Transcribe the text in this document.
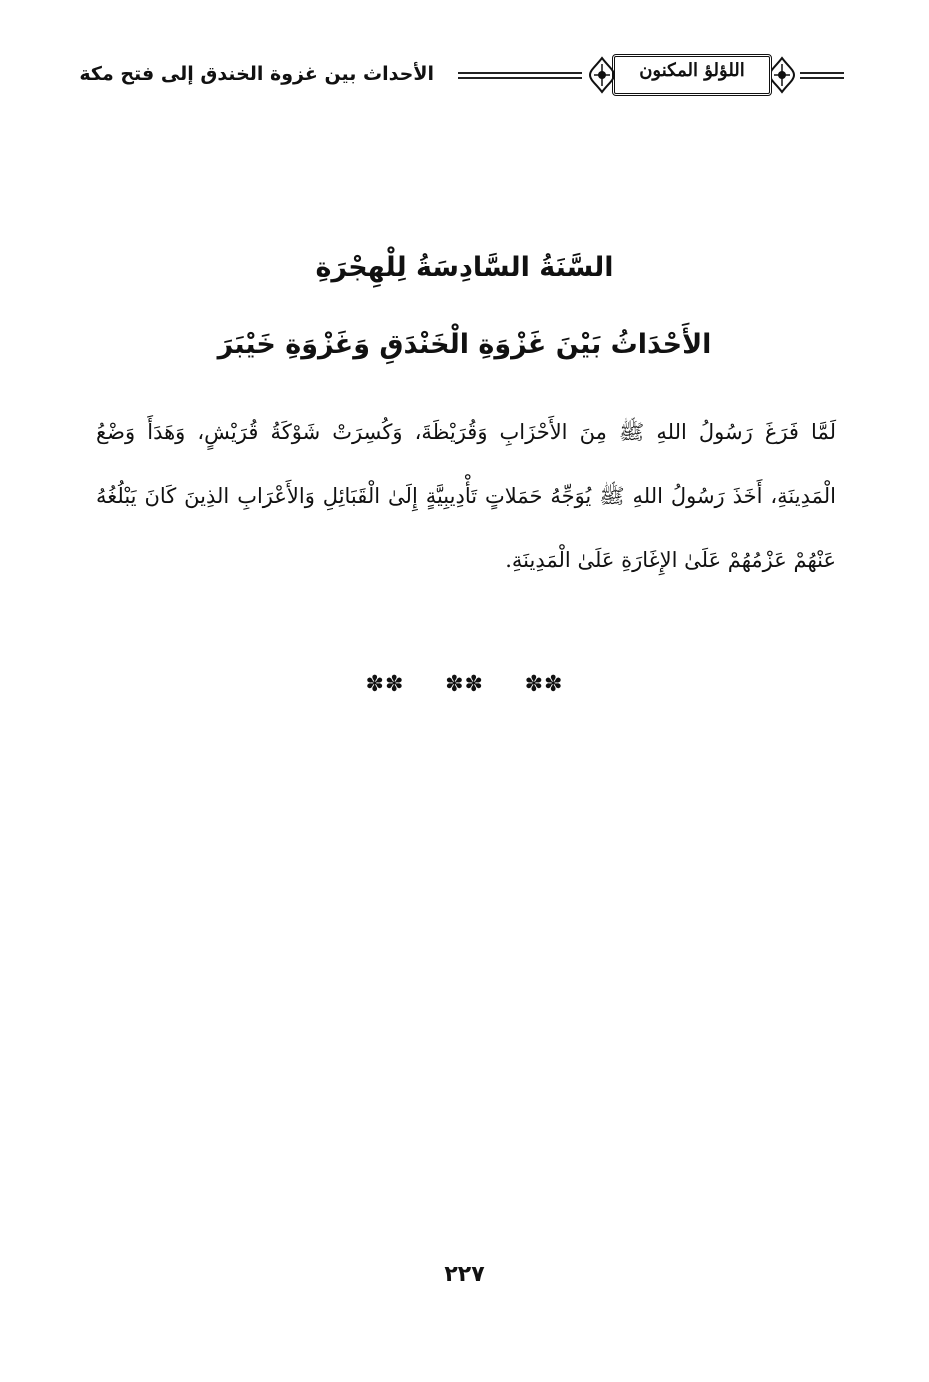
اللؤلؤ المكنون
الأحداث بين غزوة الخندق إلى فتح مكة
السَّنَةُ السَّادِسَةُ لِلْهِجْرَةِ
الأَحْدَاثُ بَيْنَ غَزْوَةِ الْخَنْدَقِ وَغَزْوَةِ خَيْبَرَ
لَمَّا فَرَغَ رَسُولُ اللهِ ﷺ مِنَ الأَحْزَابِ وَقُرَيْظَةَ، وَكُسِرَتْ شَوْكَةُ قُرَيْشٍ، وَهَدَأَ وَضْعُ الْمَدِينَةِ، أَخَذَ رَسُولُ اللهِ ﷺ يُوَجِّهُ حَمَلاتٍ تَأْدِيبِيَّةٍ إِلَىٰ الْقَبَائِلِ وَالأَعْرَابِ الذِينَ كَانَ يَبْلُغُهُ عَنْهُمْ عَزْمُهُمْ عَلَىٰ الإِغَارَةِ عَلَىٰ الْمَدِينَةِ.
✽✽ ✽✽ ✽✽
٢٢٧
